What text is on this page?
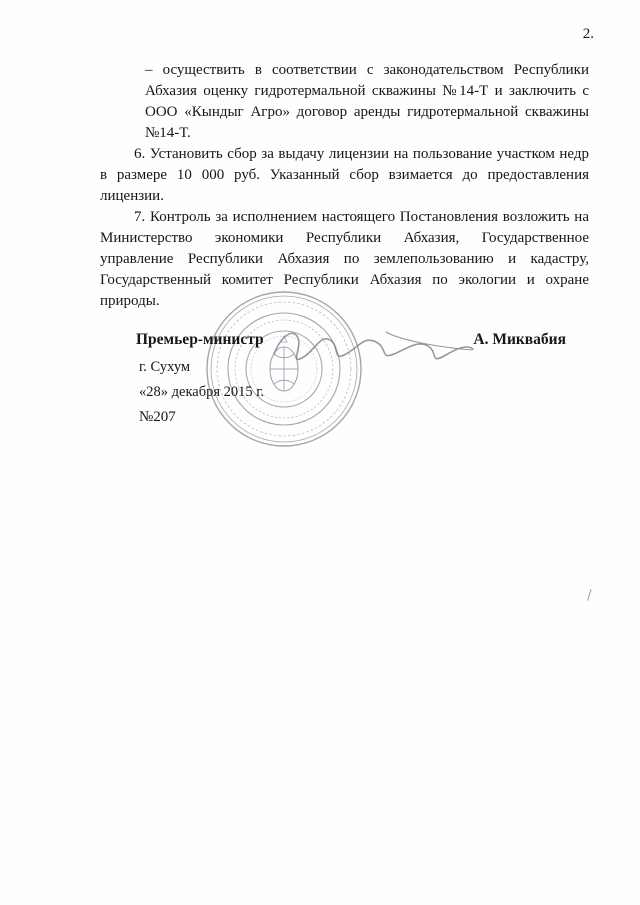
2.

– осуществить в соответствии с законодательством Республики Абхазия оценку гидротермальной скважины №14-Т и заключить с ООО «Кындыг Агро» договор аренды гидротермальной скважины №14-Т.

6. Установить сбор за выдачу лицензии на пользование участком недр в размере 10 000 руб. Указанный сбор взимается до предоставления лицензии.

7. Контроль за исполнением настоящего Постановления возложить на Министерство экономики Республики Абхазия, Государственное управление Республики Абхазия по землепользованию и кадастру, Государственный комитет Республики Абхазия по экологии и охране природы.

Премьер-министр	А. Миквабия
г. Сухум
«28» декабря 2015 г.
№207
